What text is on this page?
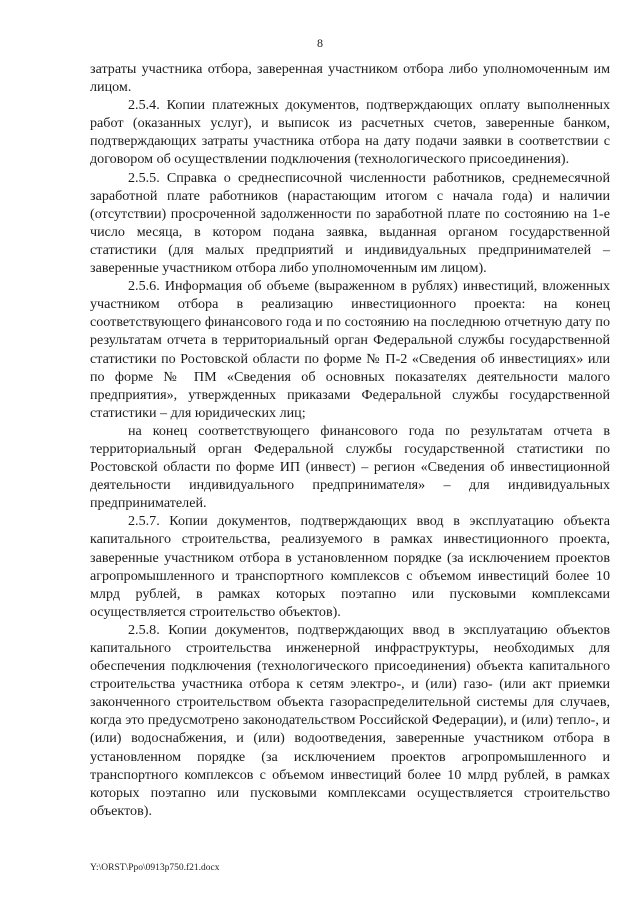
8

затраты участника отбора, заверенная участником отбора либо уполномоченным им лицом.

2.5.4. Копии платежных документов, подтверждающих оплату выполненных работ (оказанных услуг), и выписок из расчетных счетов, заверенные банком, подтверждающих затраты участника отбора на дату подачи заявки в соответствии с договором об осуществлении подключения (технологического присоединения).

2.5.5. Справка о среднесписочной численности работников, среднемесячной заработной плате работников (нарастающим итогом с начала года) и наличии (отсутствии) просроченной задолженности по заработной плате по состоянию на 1-е число месяца, в котором подана заявка, выданная органом государственной статистики (для малых предприятий и индивидуальных предпринимателей – заверенные участником отбора либо уполномоченным им лицом).

2.5.6. Информация об объеме (выраженном в рублях) инвестиций, вложенных участником отбора в реализацию инвестиционного проекта: на конец соответствующего финансового года и по состоянию на последнюю отчетную дату по результатам отчета в территориальный орган Федеральной службы государственной статистики по Ростовской области по форме № П-2 «Сведения об инвестициях» или по форме № ПМ «Сведения об основных показателях деятельности малого предприятия», утвержденных приказами Федеральной службы государственной статистики – для юридических лиц;

на конец соответствующего финансового года по результатам отчета в территориальный орган Федеральной службы государственной статистики по Ростовской области по форме ИП (инвест) – регион «Сведения об инвестиционной деятельности индивидуального предпринимателя» – для индивидуальных предпринимателей.

2.5.7. Копии документов, подтверждающих ввод в эксплуатацию объекта капитального строительства, реализуемого в рамках инвестиционного проекта, заверенные участником отбора в установленном порядке (за исключением проектов агропромышленного и транспортного комплексов с объемом инвестиций более 10 млрд рублей, в рамках которых поэтапно или пусковыми комплексами осуществляется строительство объектов).

2.5.8. Копии документов, подтверждающих ввод в эксплуатацию объектов капитального строительства инженерной инфраструктуры, необходимых для обеспечения подключения (технологического присоединения) объекта капитального строительства участника отбора к сетям электро-, и (или) газо- (или акт приемки законченного строительством объекта газораспределительной системы для случаев, когда это предусмотрено законодательством Российской Федерации), и (или) тепло-, и (или) водоснабжения, и (или) водоотведения, заверенные участником отбора в установленном порядке (за исключением проектов агропромышленного и транспортного комплексов с объемом инвестиций более 10 млрд рублей, в рамках которых поэтапно или пусковыми комплексами осуществляется строительство объектов).

Y:\ORST\Ppo\0913p750.f21.docx
